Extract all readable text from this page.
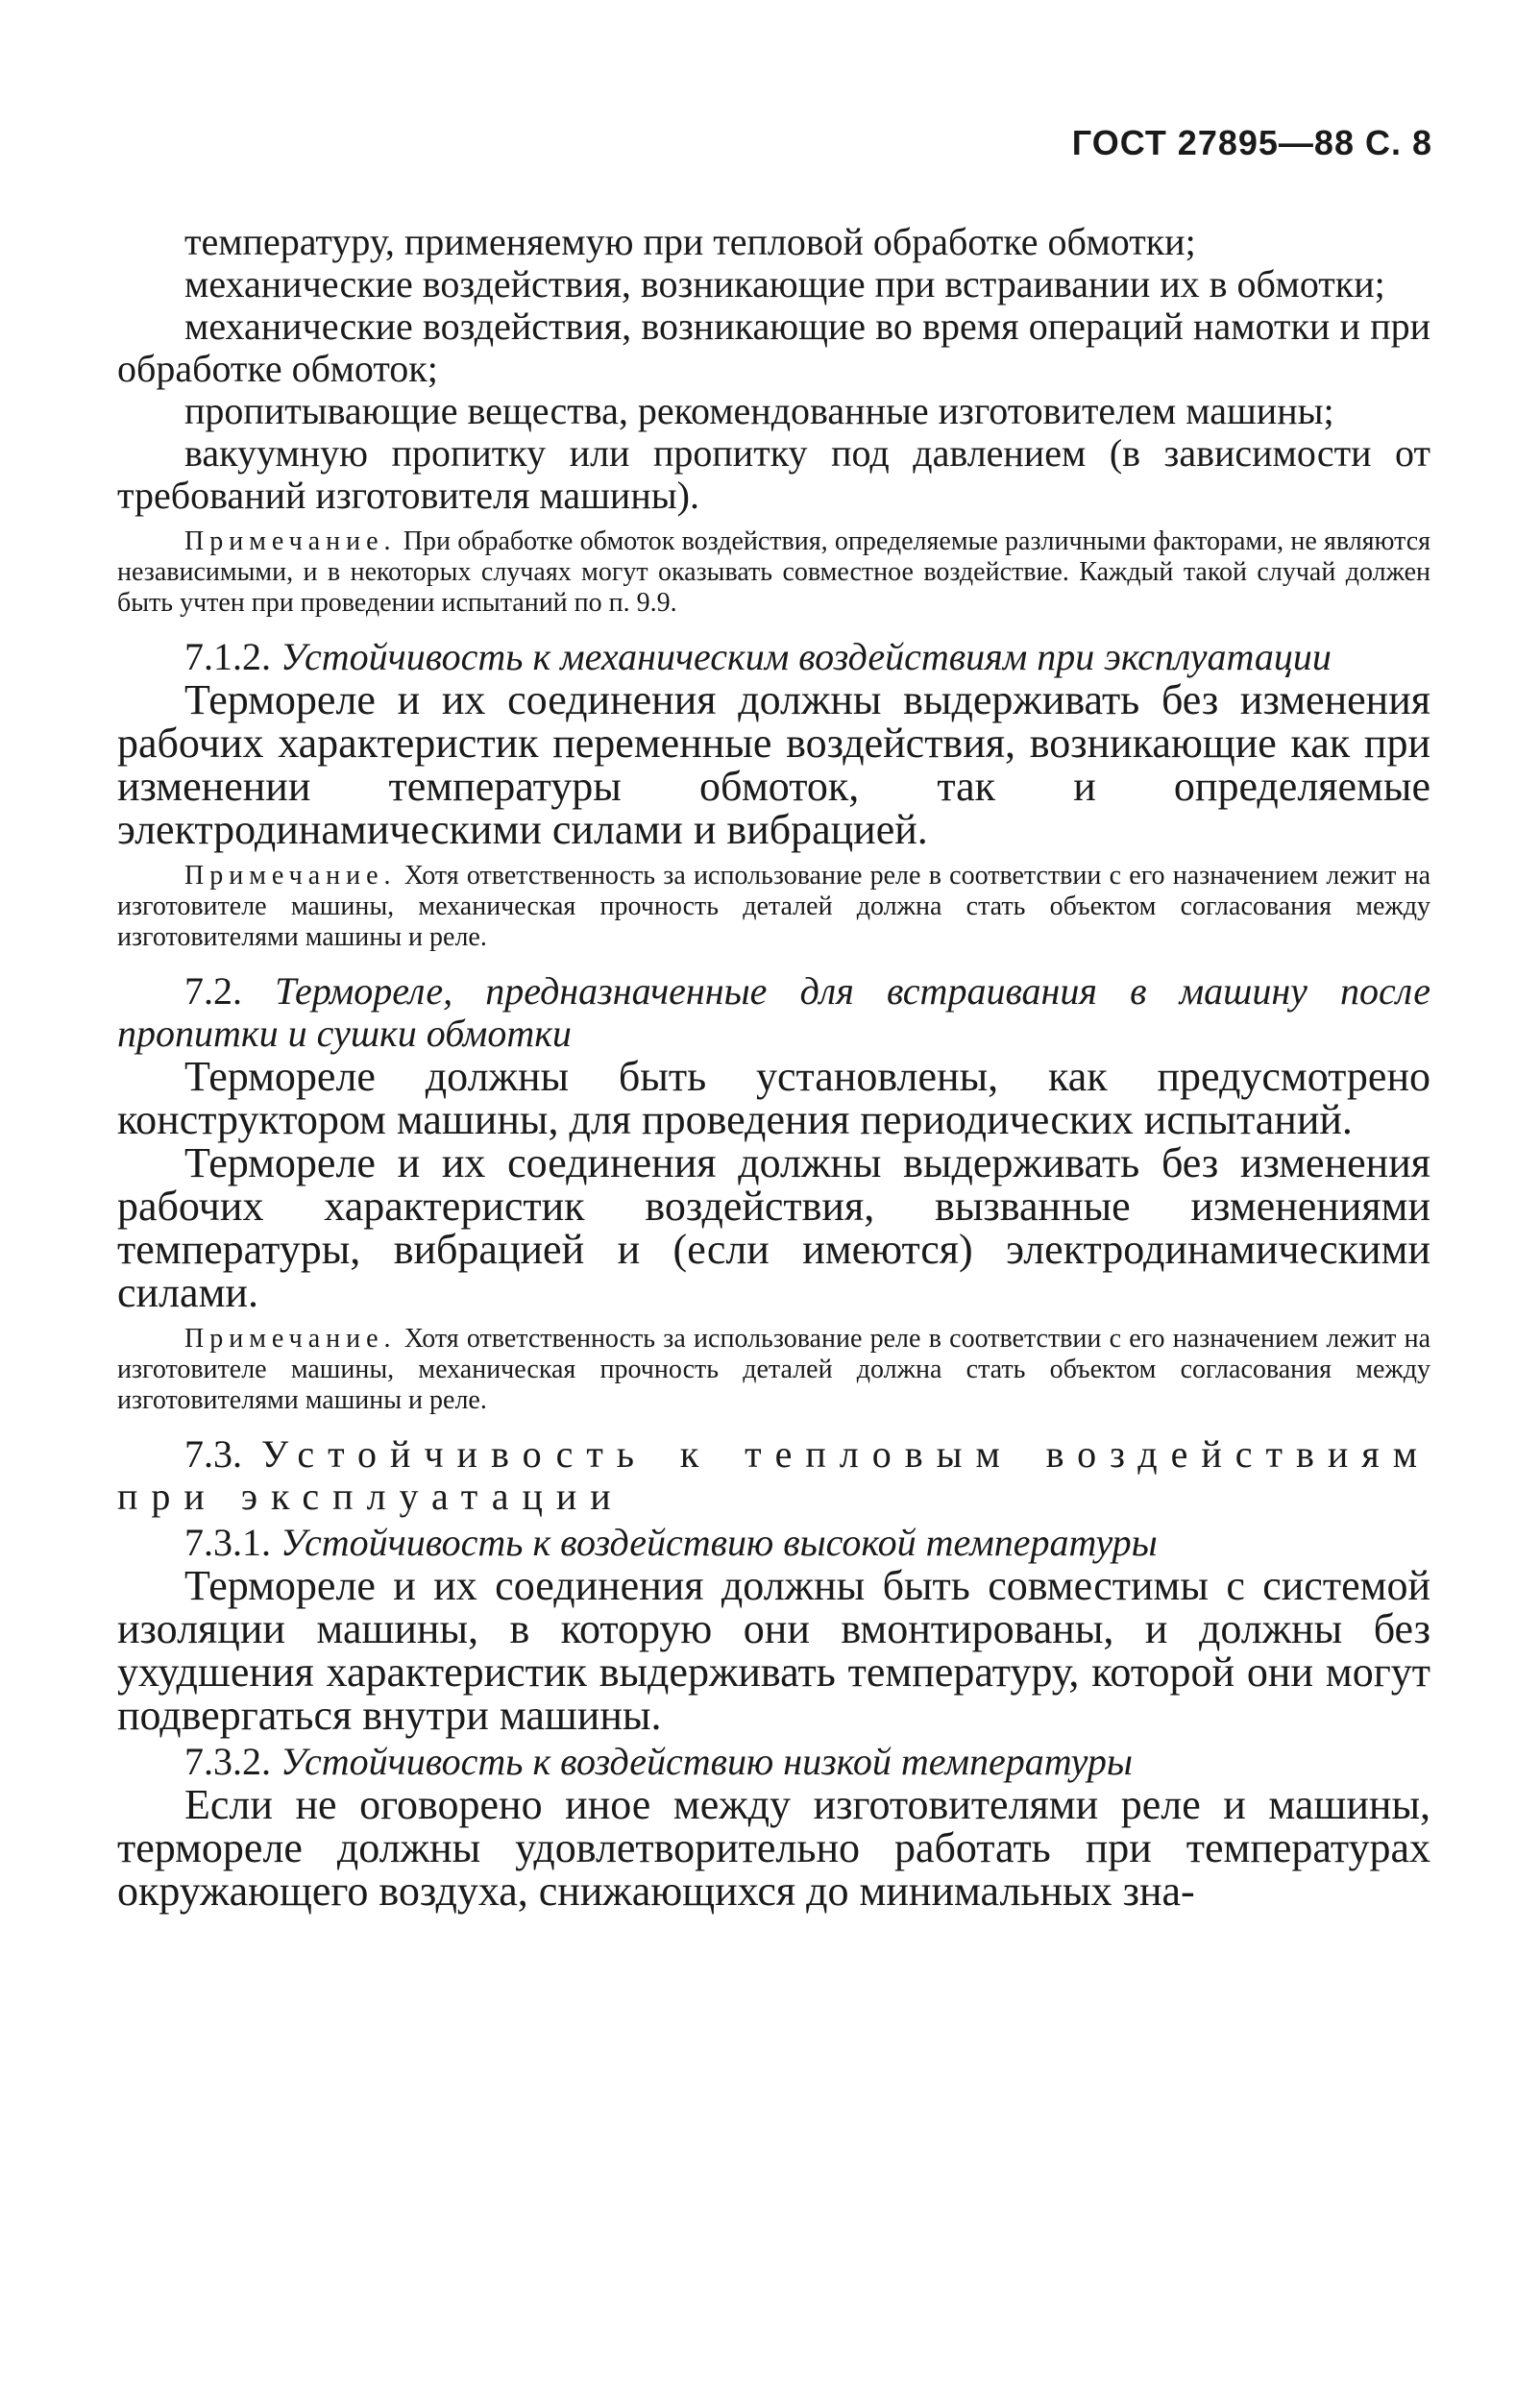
ГОСТ 27895—88 С. 8

температуру, применяемую при тепловой обработке обмотки;

механические воздействия, возникающие при встраивании их в обмотки;

механические воздействия, возникающие во время операций намотки и при обработке обмоток;

пропитывающие вещества, рекомендованные изготовителем машины;

вакуумную пропитку или пропитку под давлением (в зависимости от требований изготовителя машины).

Примечание. При обработке обмоток воздействия, определяемые различными факторами, не являются независимыми, и в некоторых случаях могут оказывать совместное воздействие. Каждый такой случай должен быть учтен при проведении испытаний по п. 9.9.

7.1.2. Устойчивость к механическим воздействиям при эксплуатации

Термореле и их соединения должны выдерживать без изменения рабочих характеристик переменные воздействия, возникающие как при изменении температуры обмоток, так и определяемые электродинамическими силами и вибрацией.

Примечание. Хотя ответственность за использование реле в соответствии с его назначением лежит на изготовителе машины, механическая прочность деталей должна стать объектом согласования между изготовителями машины и реле.

7.2. Термореле, предназначенные для встраивания в машину после пропитки и сушки обмотки

Термореле должны быть установлены, как предусмотрено конструктором машины, для проведения периодических испытаний.

Термореле и их соединения должны выдерживать без изменения рабочих характеристик воздействия, вызванные изменениями температуры, вибрацией и (если имеются) электродинамическими силами.

Примечание. Хотя ответственность за использование реле в соответствии с его назначением лежит на изготовителе машины, механическая прочность деталей должна стать объектом согласования между изготовителями машины и реле.

7.3. Устойчивость к тепловым воздействиям при эксплуатации

7.3.1. Устойчивость к воздействию высокой температуры

Термореле и их соединения должны быть совместимы с системой изоляции машины, в которую они вмонтированы, и должны без ухудшения характеристик выдерживать температуру, которой они могут подвергаться внутри машины.

7.3.2. Устойчивость к воздействию низкой температуры

Если не оговорено иное между изготовителями реле и машины, термореле должны удовлетворительно работать при температурах окружающего воздуха, снижающихся до минимальных зна-
